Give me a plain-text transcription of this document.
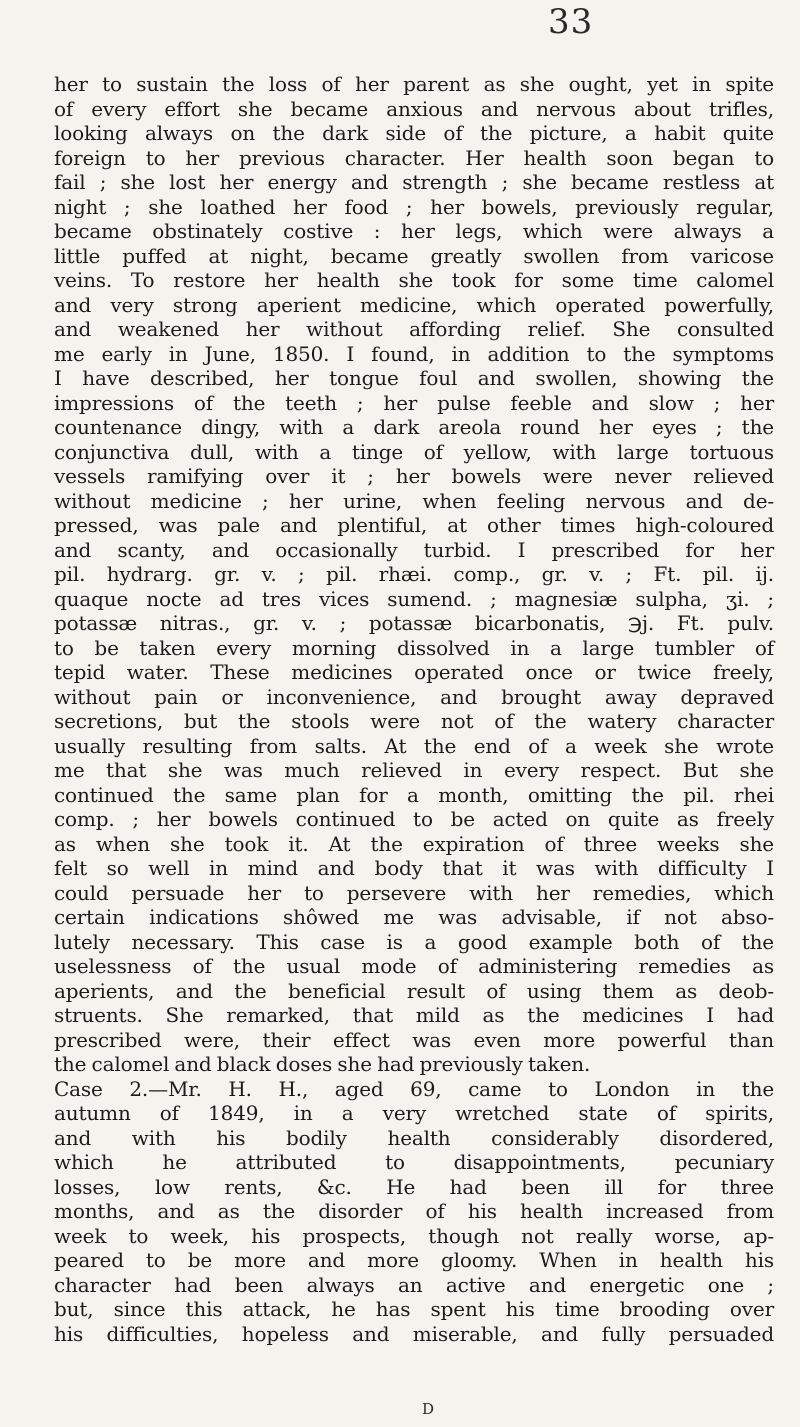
33
her to sustain the loss of her parent as she ought, yet in spite
of every effort she became anxious and nervous about trifles,
looking always on the dark side of the picture, a habit quite
foreign to her previous character. Her health soon began to
fail ; she lost her energy and strength ; she became restless at
night ; she loathed her food ; her bowels, previously regular,
became obstinately costive : her legs, which were always a
little puffed at night, became greatly swollen from varicose
veins. To restore her health she took for some time calomel
and very strong aperient medicine, which operated powerfully,
and weakened her without affording relief. She consulted
me early in June, 1850. I found, in addition to the symptoms
I have described, her tongue foul and swollen, showing the
impressions of the teeth ; her pulse feeble and slow ; her
countenance dingy, with a dark areola round her eyes ; the
conjunctiva dull, with a tinge of yellow, with large tortuous
vessels ramifying over it ; her bowels were never relieved
without medicine ; her urine, when feeling nervous and de-
pressed, was pale and plentiful, at other times high-coloured
and scanty, and occasionally turbid. I prescribed for her
pil. hydrarg. gr. v. ; pil. rhæi. comp., gr. v. ; Ft. pil. ij.
quaque nocte ad tres vices sumend. ; magnesiæ sulpha, ʒi. ;
potassæ nitras., gr. v. ; potassæ bicarbonatis, ℈j. Ft. pulv.
to be taken every morning dissolved in a large tumbler of
tepid water. These medicines operated once or twice freely,
without pain or inconvenience, and brought away depraved
secretions, but the stools were not of the watery character
usually resulting from salts. At the end of a week she wrote
me that she was much relieved in every respect. But she
continued the same plan for a month, omitting the pil. rhei
comp. ; her bowels continued to be acted on quite as freely
as when she took it. At the expiration of three weeks she
felt so well in mind and body that it was with difficulty I
could persuade her to persevere with her remedies, which
certain indications shôwed me was advisable, if not abso-
lutely necessary. This case is a good example both of the
uselessness of the usual mode of administering remedies as
aperients, and the beneficial result of using them as deob-
struents. She remarked, that mild as the medicines I had
prescribed were, their effect was even more powerful than
the calomel and black doses she had previously taken.
Case 2.—Mr. H. H., aged 69, came to London in the
autumn of 1849, in a very wretched state of spirits,
and with his bodily health considerably disordered,
which he attributed to disappointments, pecuniary
losses, low rents, &c. He had been ill for three
months, and as the disorder of his health increased from
week to week, his prospects, though not really worse, ap-
peared to be more and more gloomy. When in health his
character had been always an active and energetic one ;
but, since this attack, he has spent his time brooding over
his difficulties, hopeless and miserable, and fully persuaded
D
